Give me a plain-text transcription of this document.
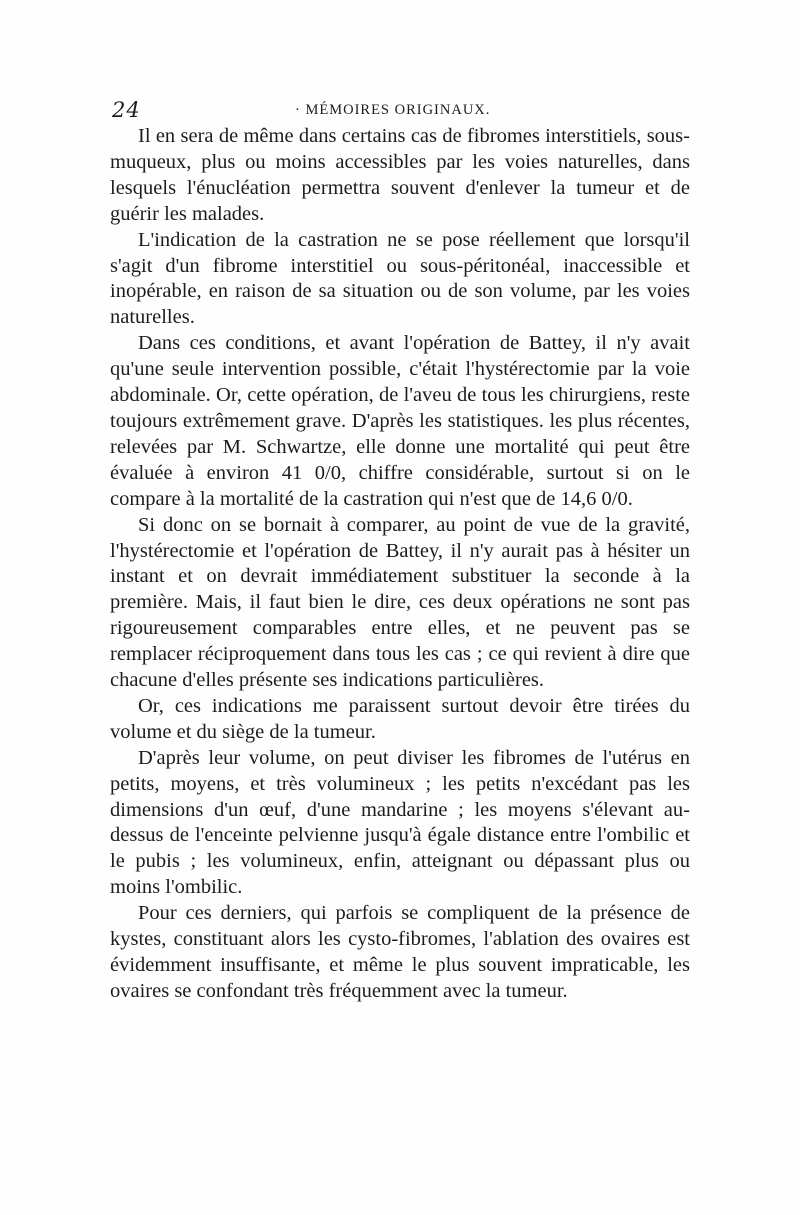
24	· MÉMOIRES ORIGINAUX.

Il en sera de même dans certains cas de fibromes interstitiels, sous-muqueux, plus ou moins accessibles par les voies naturelles, dans lesquels l'énucléation permettra souvent d'enlever la tumeur et de guérir les malades.

L'indication de la castration ne se pose réellement que lorsqu'il s'agit d'un fibrome interstitiel ou sous-péritonéal, inaccessible et inopérable, en raison de sa situation ou de son volume, par les voies naturelles.

Dans ces conditions, et avant l'opération de Battey, il n'y avait qu'une seule intervention possible, c'était l'hystérectomie par la voie abdominale. Or, cette opération, de l'aveu de tous les chirurgiens, reste toujours extrêmement grave. D'après les statistiques. les plus récentes, relevées par M. Schwartze, elle donne une mortalité qui peut être évaluée à environ 41 0/0, chiffre considérable, surtout si on le compare à la mortalité de la castration qui n'est que de 14,6 0/0.

Si donc on se bornait à comparer, au point de vue de la gravité, l'hystérectomie et l'opération de Battey, il n'y aurait pas à hésiter un instant et on devrait immédiatement substituer la seconde à la première. Mais, il faut bien le dire, ces deux opérations ne sont pas rigoureusement comparables entre elles, et ne peuvent pas se remplacer réciproquement dans tous les cas ; ce qui revient à dire que chacune d'elles présente ses indications particulières.

Or, ces indications me paraissent surtout devoir être tirées du volume et du siège de la tumeur.

D'après leur volume, on peut diviser les fibromes de l'utérus en petits, moyens, et très volumineux ; les petits n'excédant pas les dimensions d'un œuf, d'une mandarine ; les moyens s'élevant au-dessus de l'enceinte pelvienne jusqu'à égale distance entre l'ombilic et le pubis ; les volumineux, enfin, atteignant ou dépassant plus ou moins l'ombilic.

Pour ces derniers, qui parfois se compliquent de la présence de kystes, constituant alors les cysto-fibromes, l'ablation des ovaires est évidemment insuffisante, et même le plus souvent impraticable, les ovaires se confondant très fréquemment avec la tumeur.
